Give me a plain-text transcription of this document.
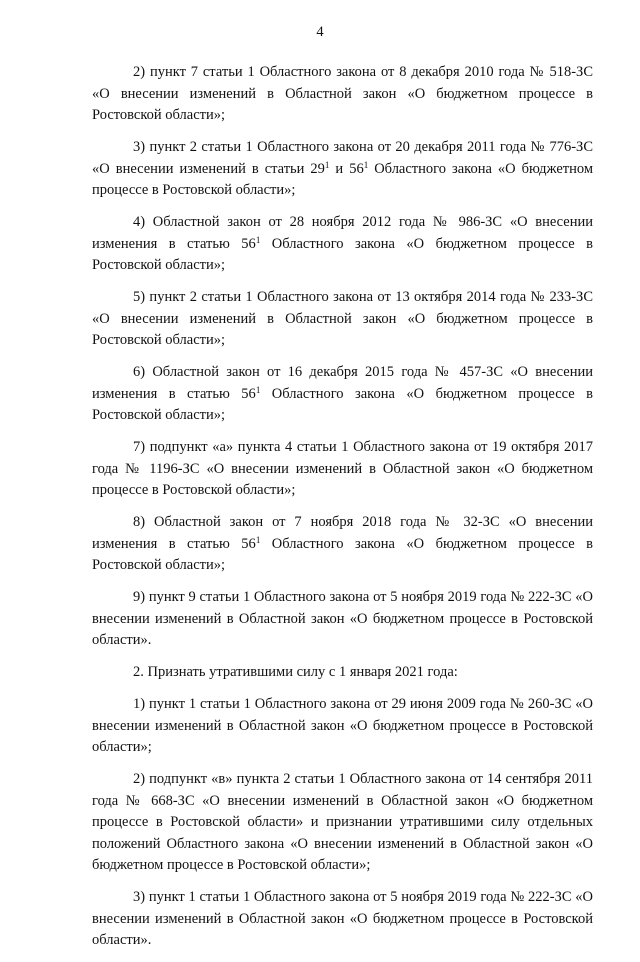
4

2) пункт 7 статьи 1 Областного закона от 8 декабря 2010 года № 518-ЗС «О внесении изменений в Областной закон «О бюджетном процессе в Ростовской области»;

3) пункт 2 статьи 1 Областного закона от 20 декабря 2011 года № 776-ЗС «О внесении изменений в статьи $29^1$ и $56^1$ Областного закона «О бюджетном процессе в Ростовской области»;

4) Областной закон от 28 ноября 2012 года № 986-ЗС «О внесении изменения в статью $56^1$ Областного закона «О бюджетном процессе в Ростовской области»;

5) пункт 2 статьи 1 Областного закона от 13 октября 2014 года № 233-ЗС «О внесении изменений в Областной закон «О бюджетном процессе в Ростовской области»;

6) Областной закон от 16 декабря 2015 года № 457-ЗС «О внесении изменения в статью $56^1$ Областного закона «О бюджетном процессе в Ростовской области»;

7) подпункт «а» пункта 4 статьи 1 Областного закона от 19 октября 2017 года № 1196-ЗС «О внесении изменений в Областной закон «О бюджетном процессе в Ростовской области»;

8) Областной закон от 7 ноября 2018 года № 32-ЗС «О внесении изменения в статью $56^1$ Областного закона «О бюджетном процессе в Ростовской области»;

9) пункт 9 статьи 1 Областного закона от 5 ноября 2019 года № 222-ЗС «О внесении изменений в Областной закон «О бюджетном процессе в Ростовской области».

2. Признать утратившими силу с 1 января 2021 года:

1) пункт 1 статьи 1 Областного закона от 29 июня 2009 года № 260-ЗС «О внесении изменений в Областной закон «О бюджетном процессе в Ростовской области»;

2) подпункт «в» пункта 2 статьи 1 Областного закона от 14 сентября 2011 года № 668-ЗС «О внесении изменений в Областной закон «О бюджетном процессе в Ростовской области» и признании утратившими силу отдельных положений Областного закона «О внесении изменений в Областной закон «О бюджетном процессе в Ростовской области»;

3) пункт 1 статьи 1 Областного закона от 5 ноября 2019 года № 222-ЗС «О внесении изменений в Областной закон «О бюджетном процессе в Ростовской области».
